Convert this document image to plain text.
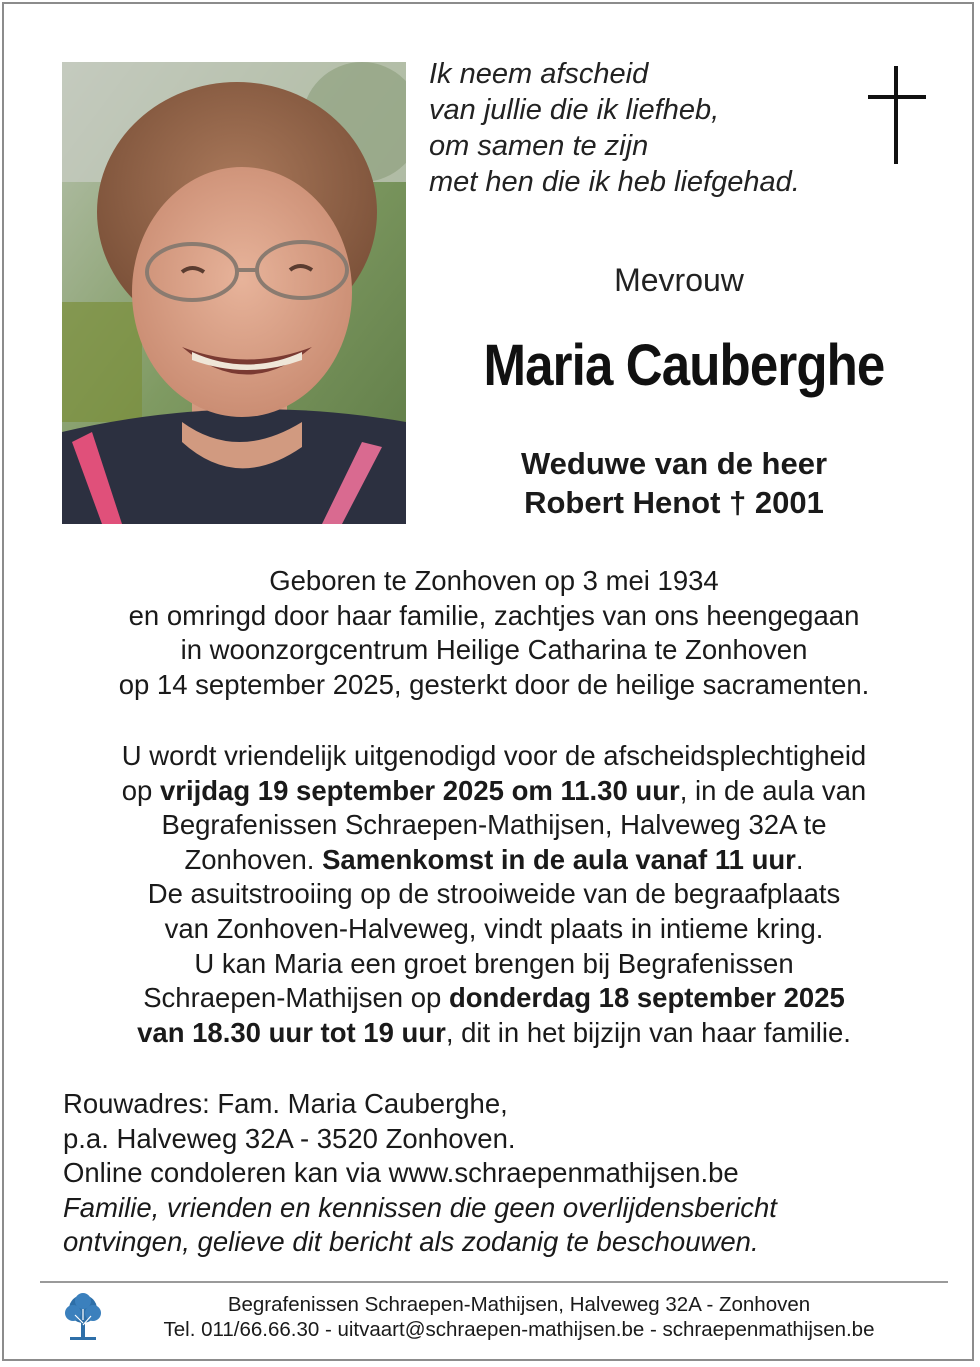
Ik neem afscheid
van jullie die ik liefheb,
om samen te zijn
met hen die ik heb liefgehad.
Mevrouw
Maria Cauberghe
Weduwe van de heer
Robert Henot † 2001
Geboren te Zonhoven op 3 mei 1934
en omringd door haar familie, zachtjes van ons heengegaan
in woonzorgcentrum Heilige Catharina te Zonhoven
op 14 september 2025, gesterkt door de heilige sacramenten.
U wordt vriendelijk uitgenodigd voor de afscheidsplechtigheid
op vrijdag 19 september 2025 om 11.30 uur, in de aula van
Begrafenissen Schraepen-Mathijsen, Halveweg 32A te
Zonhoven. Samenkomst in de aula vanaf 11 uur.
De asuitstrooiing op de strooiweide van de begraafplaats
van Zonhoven-Halveweg, vindt plaats in intieme kring.
U kan Maria een groet brengen bij Begrafenissen
Schraepen-Mathijsen op donderdag 18 september 2025
van 18.30 uur tot 19 uur, dit in het bijzijn van haar familie.
Rouwadres: Fam. Maria Cauberghe,
p.a. Halveweg 32A - 3520 Zonhoven.
Online condoleren kan via www.schraepenmathijsen.be
Familie, vrienden en kennissen die geen overlijdensbericht
ontvingen, gelieve dit bericht als zodanig te beschouwen.
Begrafenissen Schraepen-Mathijsen, Halveweg 32A - Zonhoven
Tel. 011/66.66.30 - uitvaart@schraepen-mathijsen.be - schraepenmathijsen.be
